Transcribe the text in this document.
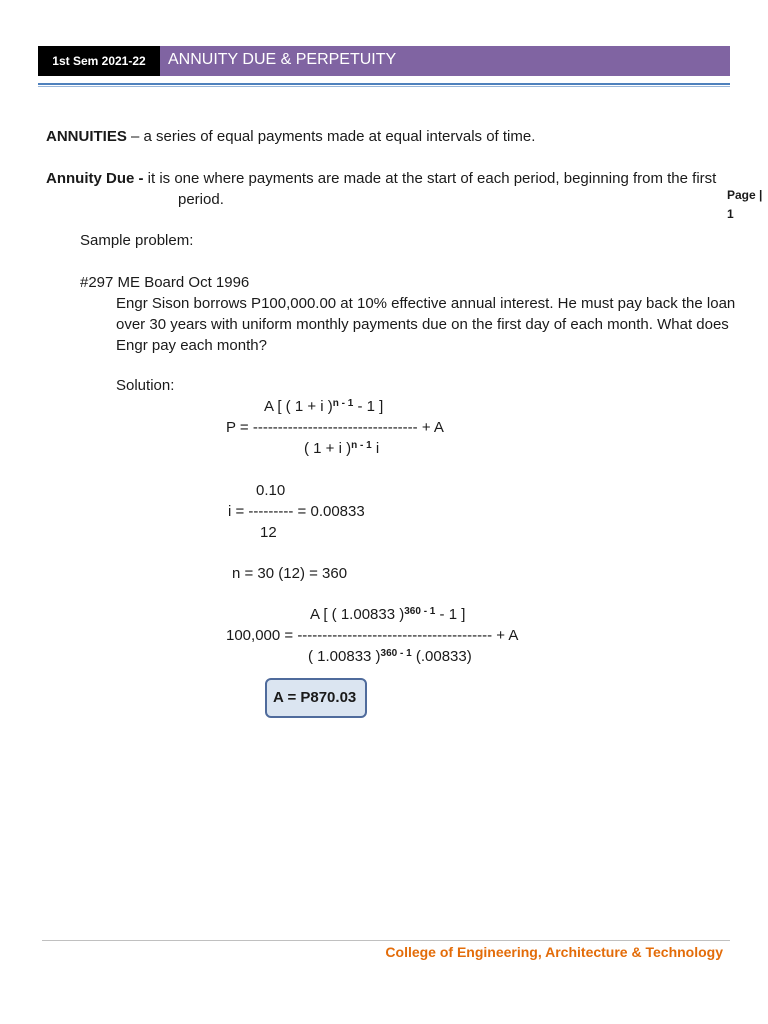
1st Sem 2021-22	ANNUITY DUE & PERPETUITY
Page | 1
ANNUITIES – a series of equal payments made at equal intervals of time.
Annuity Due - it is one where payments are made at the start of each period, beginning from the first
period.
Sample problem:
#297 ME Board Oct 1996
Engr Sison borrows P100,000.00 at 10% effective annual interest. He must pay back the loan
over 30 years with uniform monthly payments due on the first day of each month. What does
Engr pay each month?
Solution:
A [ ( 1 + i )$^{n - 1}$ - 1 ]
P = --------------------------------- + A
( 1 + i )$^{n - 1}$ i
0.10
i = --------- = 0.00833
12
n = 30 (12) = 360
A [ ( 1.00833 )$^{360 - 1}$ - 1 ]
100,000 = --------------------------------------- + A
( 1.00833 )$^{360 - 1}$ (.00833)
A = P870.03
College of Engineering, Architecture & Technology
